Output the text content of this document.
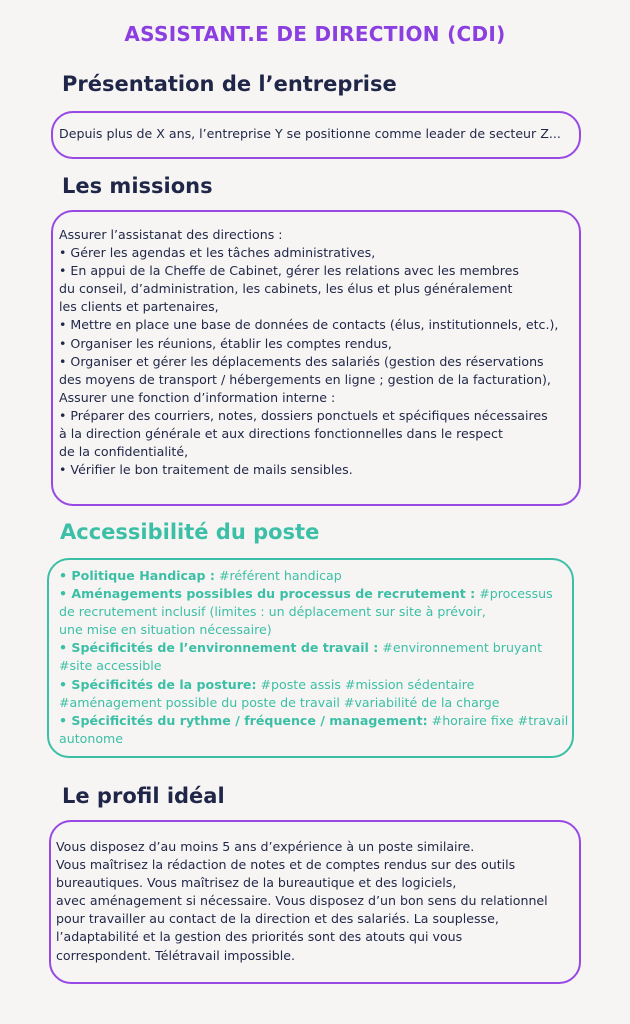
ASSISTANT.E DE DIRECTION (CDI)
Présentation de l’entreprise
Depuis plus de X ans, l’entreprise Y se positionne comme leader de secteur Z...
Les missions
Assurer l’assistanat des directions :
• Gérer les agendas et les tâches administratives,
• En appui de la Cheffe de Cabinet, gérer les relations avec les membres
du conseil, d’administration, les cabinets, les élus et plus généralement
les clients et partenaires,
• Mettre en place une base de données de contacts (élus, institutionnels, etc.),
• Organiser les réunions, établir les comptes rendus,
• Organiser et gérer les déplacements des salariés (gestion des réservations
des moyens de transport / hébergements en ligne ; gestion de la facturation),
Assurer une fonction d’information interne :
• Préparer des courriers, notes, dossiers ponctuels et spécifiques nécessaires
à la direction générale et aux directions fonctionnelles dans le respect
de la confidentialité,
• Vérifier le bon traitement de mails sensibles.
Accessibilité du poste
• Politique Handicap : #référent handicap
• Aménagements possibles du processus de recrutement : #processus
de recrutement inclusif (limites : un déplacement sur site à prévoir,
une mise en situation nécessaire)
• Spécificités de l’environnement de travail : #environnement bruyant
#site accessible
• Spécificités de la posture: #poste assis #mission sédentaire
#aménagement possible du poste de travail #variabilité de la charge
• Spécificités du rythme / fréquence / management: #horaire fixe #travail
autonome
Le profil idéal
Vous disposez d’au moins 5 ans d’expérience à un poste similaire.
Vous maîtrisez la rédaction de notes et de comptes rendus sur des outils
bureautiques. Vous maîtrisez de la bureautique et des logiciels,
avec aménagement si nécessaire. Vous disposez d’un bon sens du relationnel
pour travailler au contact de la direction et des salariés. La souplesse,
l’adaptabilité et la gestion des priorités sont des atouts qui vous
correspondent. Télétravail impossible.
